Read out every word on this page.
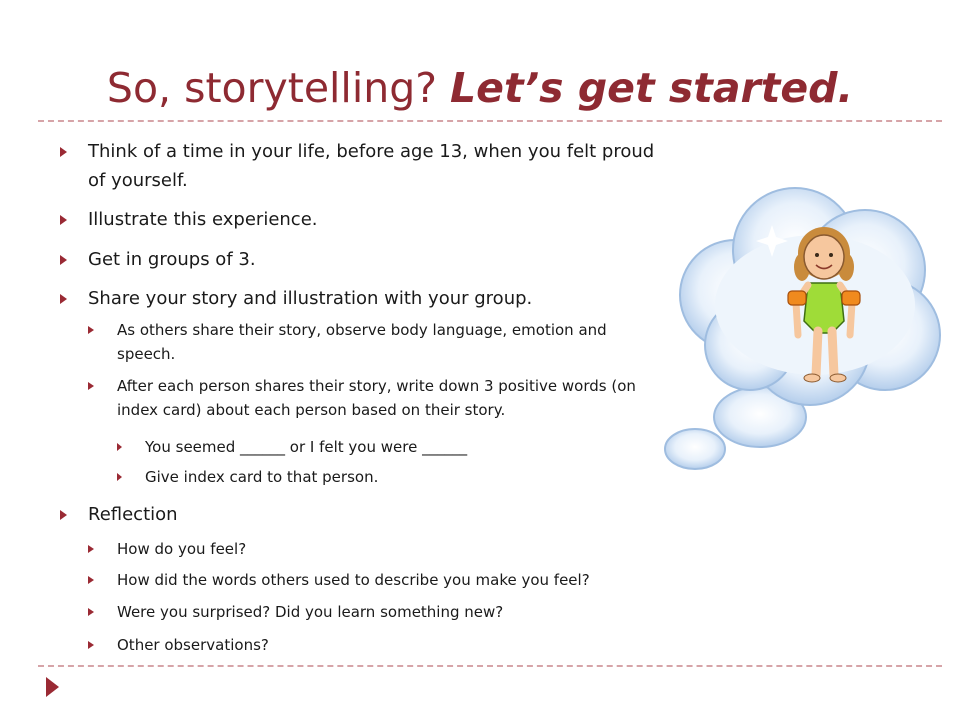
So, storytelling? Let’s get started.
Think of a time in your life, before age 13, when you felt proud of yourself.
Illustrate this experience.
Get in groups of 3.
Share your story and illustration with your group.
As others share their story, observe body language, emotion and speech.
After each person shares their story, write down 3 positive words (on index card) about each person based on their story.
You seemed ______ or I felt you were ______
Give index card to that person.
Reflection
How do you feel?
How did the words others used to describe you make you feel?
Were you surprised? Did you learn something new?
Other observations?
